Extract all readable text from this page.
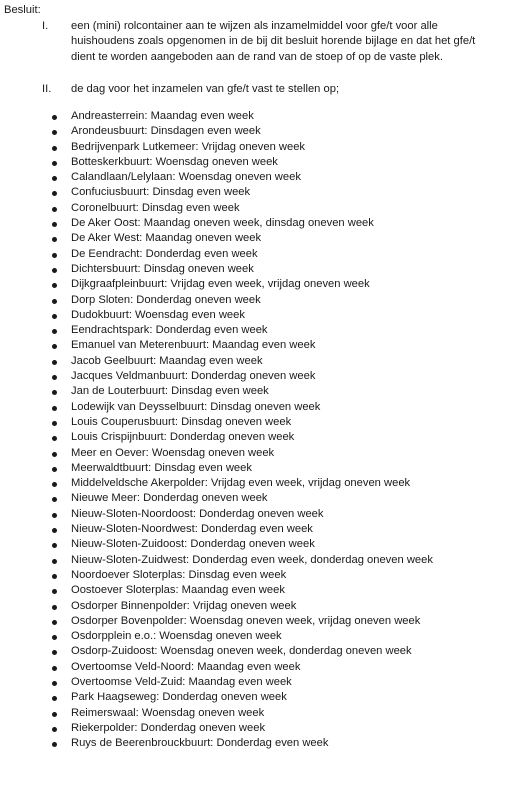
Besluit:
I.	een (mini) rolcontainer aan te wijzen als inzamelmiddel voor gfe/t voor alle huishoudens zoals opgenomen in de bij dit besluit horende bijlage en dat het gfe/t dient te worden aangeboden aan de rand van de stoep of op de vaste plek.
II.	de dag voor het inzamelen van gfe/t vast te stellen op;
Andreasterrein: Maandag even week
Arondeusbuurt: Dinsdagen even week
Bedrijvenpark Lutkemeer: Vrijdag oneven week
Botteskerkbuurt: Woensdag oneven week
Calandlaan/Lelylaan: Woensdag oneven week
Confuciusbuurt: Dinsdag even week
Coronelbuurt: Dinsdag even week
De Aker Oost: Maandag oneven week, dinsdag oneven week
De Aker West: Maandag oneven week
De Eendracht: Donderdag even week
Dichtersbuurt: Dinsdag oneven week
Dijkgraafpleinbuurt: Vrijdag even week, vrijdag oneven week
Dorp Sloten: Donderdag oneven week
Dudokbuurt: Woensdag even week
Eendrachtspark: Donderdag even week
Emanuel van Meterenbuurt: Maandag even week
Jacob Geelbuurt: Maandag even week
Jacques Veldmanbuurt: Donderdag oneven week
Jan de Louterbuurt: Dinsdag even week
Lodewijk van Deysselbuurt: Dinsdag oneven week
Louis Couperusbuurt: Dinsdag oneven week
Louis Crispijnbuurt: Donderdag oneven week
Meer en Oever: Woensdag oneven week
Meerwaldtbuurt: Dinsdag even week
Middelveldsche Akerpolder: Vrijdag even week, vrijdag oneven week
Nieuwe Meer: Donderdag oneven week
Nieuw-Sloten-Noordoost: Donderdag oneven week
Nieuw-Sloten-Noordwest: Donderdag even week
Nieuw-Sloten-Zuidoost: Donderdag oneven week
Nieuw-Sloten-Zuidwest: Donderdag even week, donderdag oneven week
Noordoever Sloterplas: Dinsdag even week
Oostoever Sloterplas: Maandag even week
Osdorper Binnenpolder: Vrijdag oneven week
Osdorper Bovenpolder: Woensdag oneven week, vrijdag oneven week
Osdorpplein e.o.: Woensdag oneven week
Osdorp-Zuidoost: Woensdag oneven week, donderdag oneven week
Overtoomse Veld-Noord: Maandag even week
Overtoomse Veld-Zuid: Maandag even week
Park Haagseweg: Donderdag oneven week
Reimerswaal: Woensdag oneven week
Riekerpolder: Donderdag oneven week
Ruys de Beerenbrouckbuurt: Donderdag even week
